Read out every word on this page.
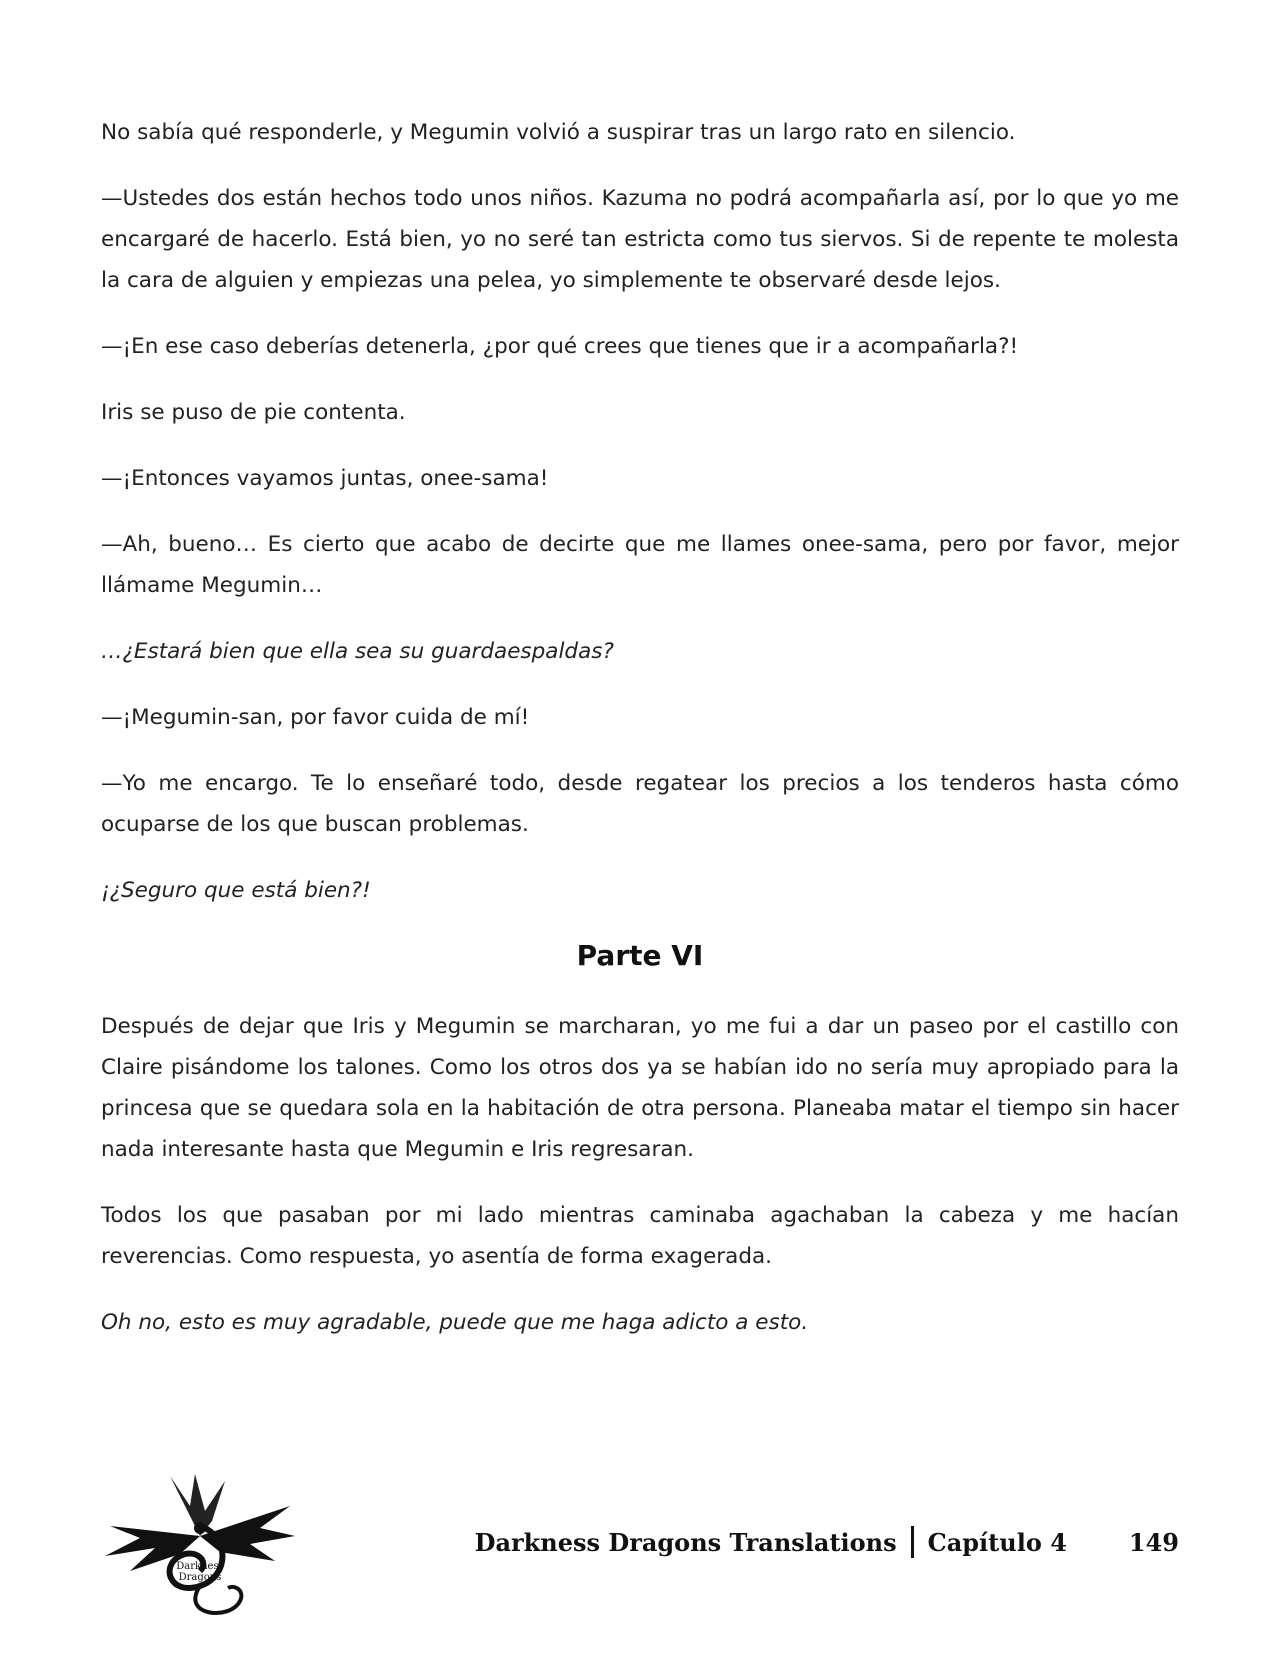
No sabía qué responderle, y Megumin volvió a suspirar tras un largo rato en silencio.

—Ustedes dos están hechos todo unos niños. Kazuma no podrá acompañarla así, por lo que yo me encargaré de hacerlo. Está bien, yo no seré tan estricta como tus siervos. Si de repente te molesta la cara de alguien y empiezas una pelea, yo simplemente te observaré desde lejos.

—¡En ese caso deberías detenerla, ¿por qué crees que tienes que ir a acompañarla?!

Iris se puso de pie contenta.

—¡Entonces vayamos juntas, onee-sama!

—Ah, bueno… Es cierto que acabo de decirte que me llames onee-sama, pero por favor, mejor llámame Megumin…

…¿Estará bien que ella sea su guardaespaldas?

—¡Megumin-san, por favor cuida de mí!

—Yo me encargo. Te lo enseñaré todo, desde regatear los precios a los tenderos hasta cómo ocuparse de los que buscan problemas.

¡¿Seguro que está bien?!

Parte VI

Después de dejar que Iris y Megumin se marcharan, yo me fui a dar un paseo por el castillo con Claire pisándome los talones. Como los otros dos ya se habían ido no sería muy apropiado para la princesa que se quedara sola en la habitación de otra persona. Planeaba matar el tiempo sin hacer nada interesante hasta que Megumin e Iris regresaran.

Todos los que pasaban por mi lado mientras caminaba agachaban la cabeza y me hacían reverencias. Como respuesta, yo asentía de forma exagerada.

Oh no, esto es muy agradable, puede que me haga adicto a esto.

Darkness
Dragons
Darkness Dragons Translations Capítulo 4	149
